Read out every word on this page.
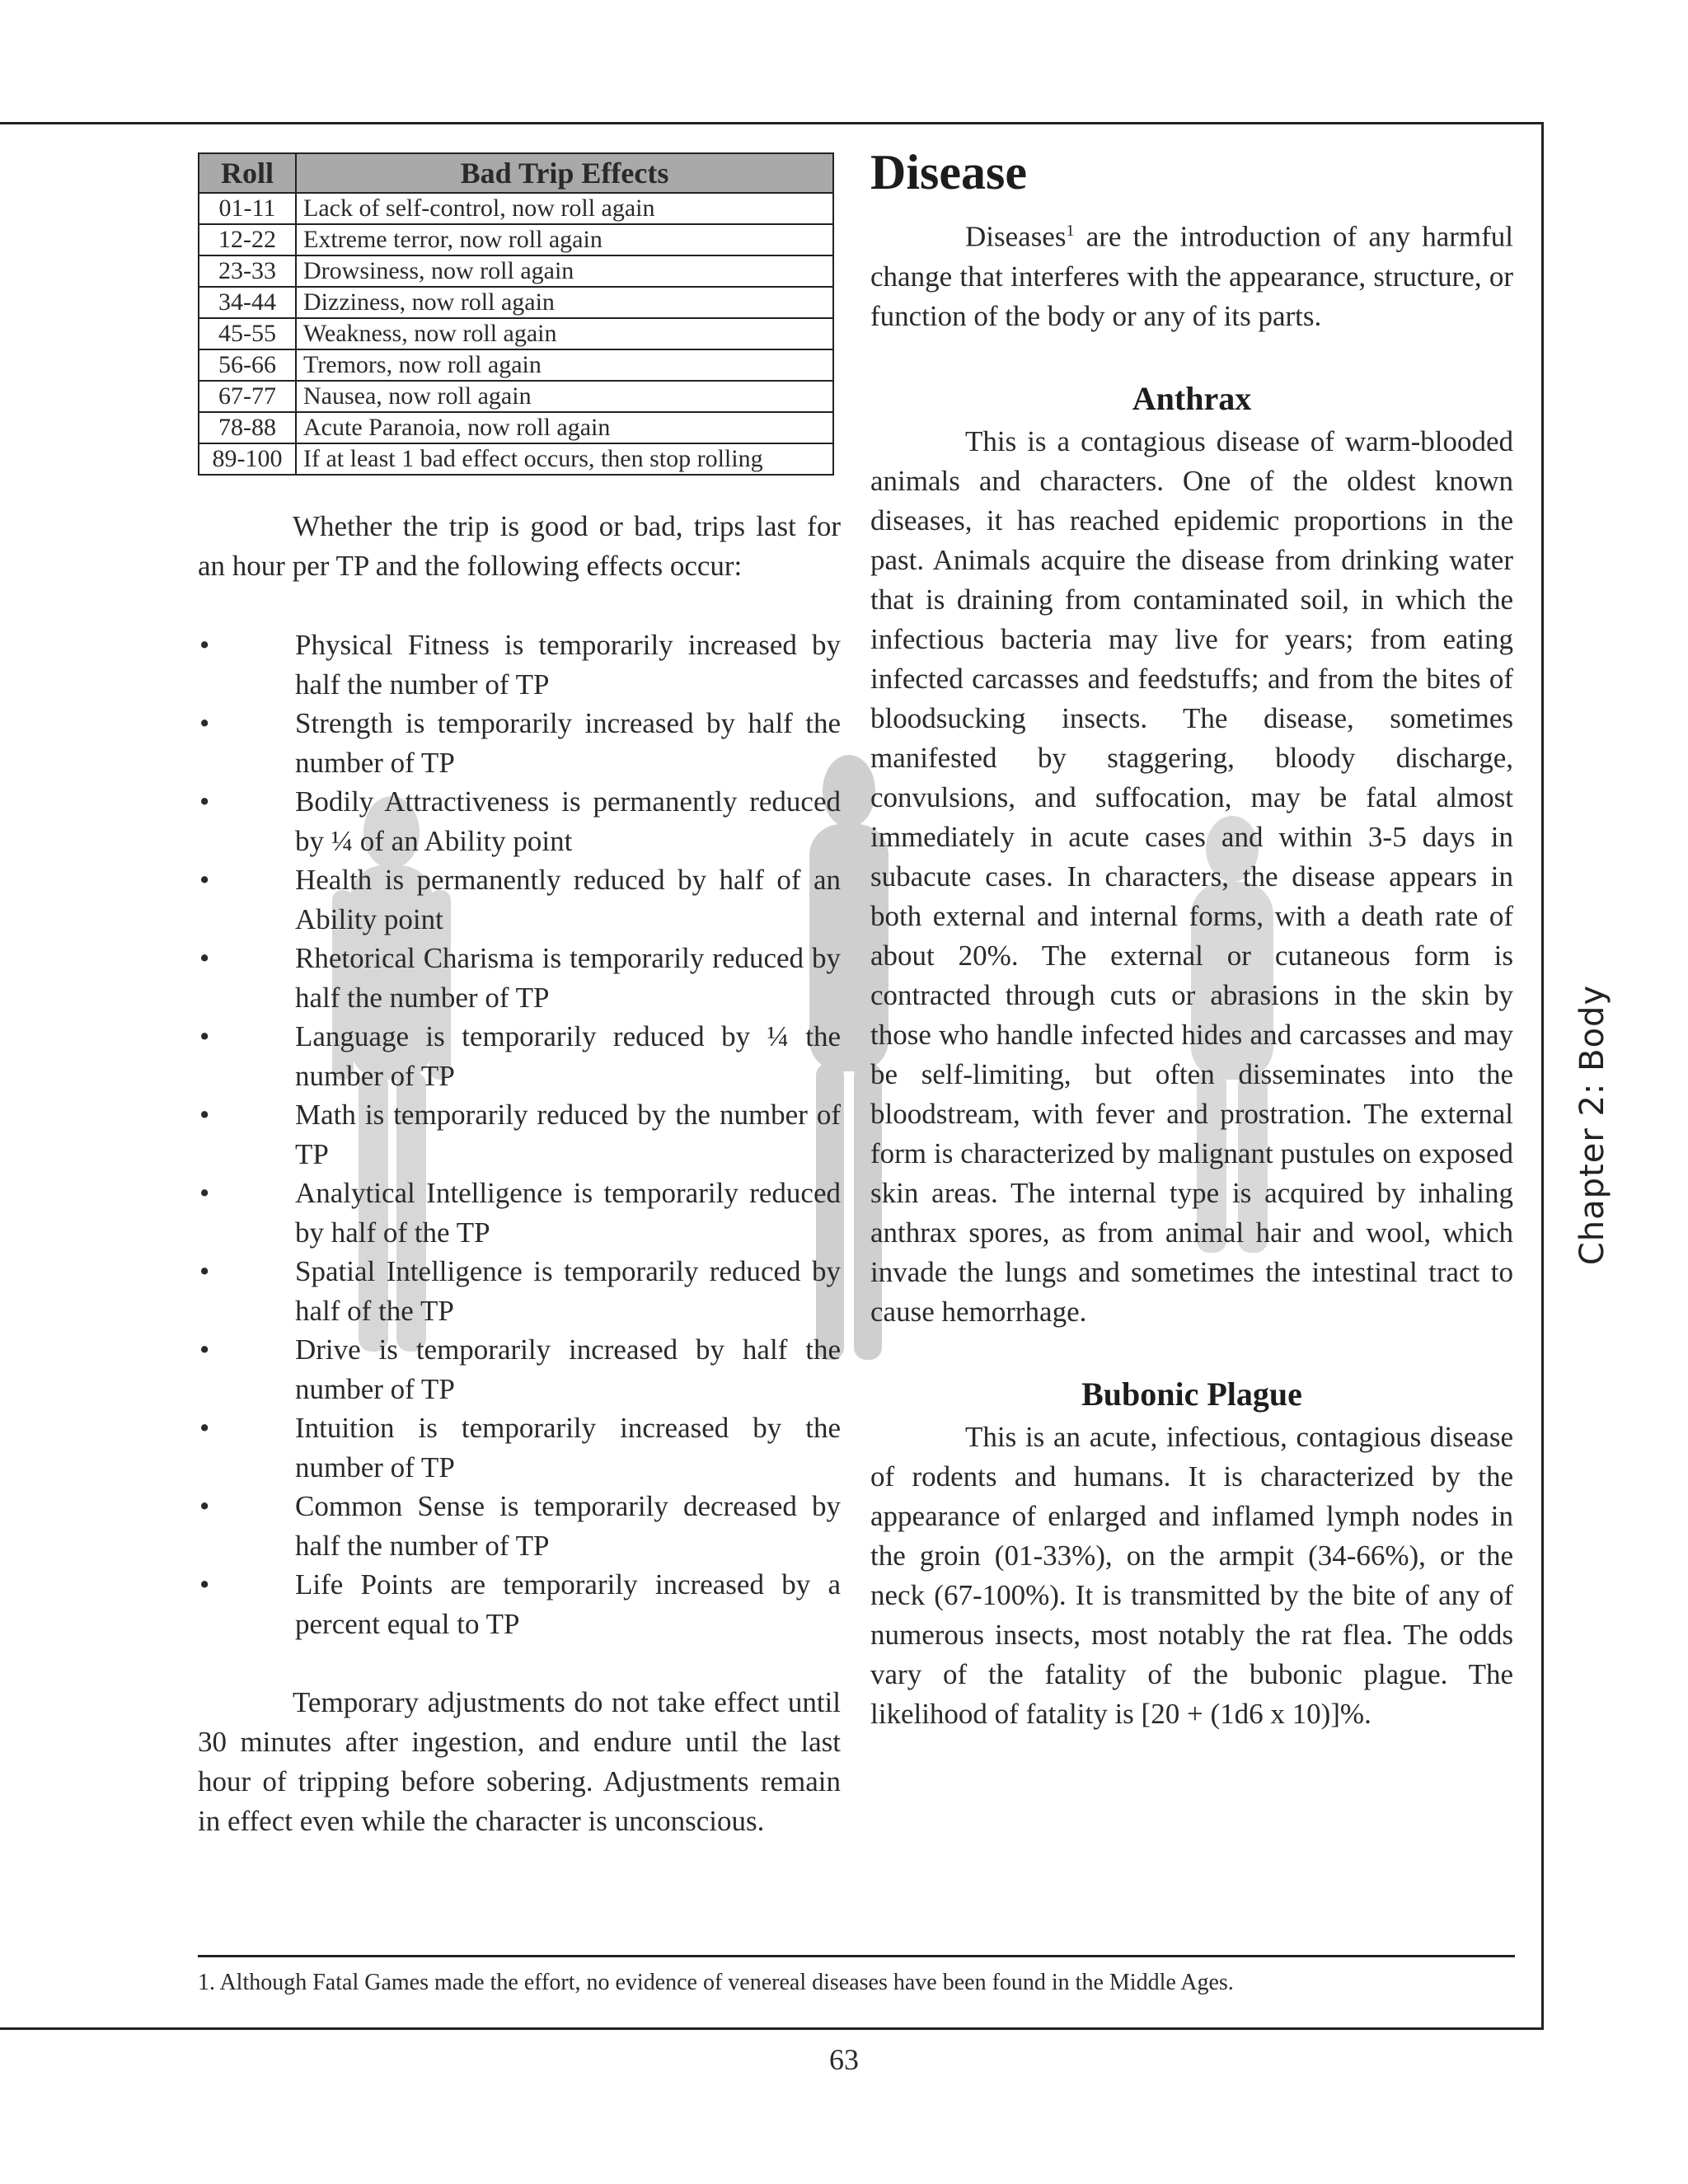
Roll	Bad Trip Effects
01-11	Lack of self-control, now roll again
12-22	Extreme terror, now roll again
23-33	Drowsiness, now roll again
34-44	Dizziness, now roll again
45-55	Weakness, now roll again
56-66	Tremors, now roll again
67-77	Nausea, now roll again
78-88	Acute Paranoia, now roll again
89-100	If at least 1 bad effect occurs, then stop rolling

Whether the trip is good or bad, trips last for an hour per TP and the following effects occur:

•	Physical Fitness is temporarily increased by half the number of TP
•	Strength is temporarily increased by half the number of TP
•	Bodily Attractiveness is permanently reduced by ¼ of an Ability point
•	Health is permanently reduced by half of an Ability point
•	Rhetorical Charisma is temporarily reduced by half the number of TP
•	Language is temporarily reduced by ¼ the number of TP
•	Math is temporarily reduced by the number of TP
•	Analytical Intelligence is temporarily reduced by half of the TP
•	Spatial Intelligence is temporarily reduced by half of the TP
•	Drive is temporarily increased by half the number of TP
•	Intuition is temporarily increased by the number of TP
•	Common Sense is temporarily decreased by half the number of TP
•	Life Points are temporarily increased by a percent equal to TP

Temporary adjustments do not take effect until 30 minutes after ingestion, and endure until the last hour of tripping before sobering. Adjustments remain in effect even while the character is unconscious.

Disease

Diseases$^1$ are the introduction of any harmful change that interferes with the appearance, structure, or function of the body or any of its parts.

Anthrax

This is a contagious disease of warm-blooded animals and characters. One of the oldest known diseases, it has reached epidemic proportions in the past. Animals acquire the disease from drinking water that is draining from contaminated soil, in which the infectious bacteria may live for years; from eating infected carcasses and feedstuffs; and from the bites of bloodsucking insects. The disease, sometimes manifested by staggering, bloody discharge, convulsions, and suffocation, may be fatal almost immediately in acute cases and within 3-5 days in subacute cases. In characters, the disease appears in both external and internal forms, with a death rate of about 20%. The external or cutaneous form is contracted through cuts or abrasions in the skin by those who handle infected hides and carcasses and may be self-limiting, but often disseminates into the bloodstream, with fever and prostration. The external form is characterized by malignant pustules on exposed skin areas. The internal type is acquired by inhaling anthrax spores, as from animal hair and wool, which invade the lungs and sometimes the intestinal tract to cause hemorrhage.

Bubonic Plague

This is an acute, infectious, contagious disease of rodents and humans. It is characterized by the appearance of enlarged and inflamed lymph nodes in the groin (01-33%), on the armpit (34-66%), or the neck (67-100%). It is transmitted by the bite of any of numerous insects, most notably the rat flea. The odds vary of the fatality of the bubonic plague. The likelihood of fatality is [20 + (1d6 x 10)]%.

Chapter 2: Body
1. Although Fatal Games made the effort, no evidence of venereal diseases have been found in the Middle Ages.
63
